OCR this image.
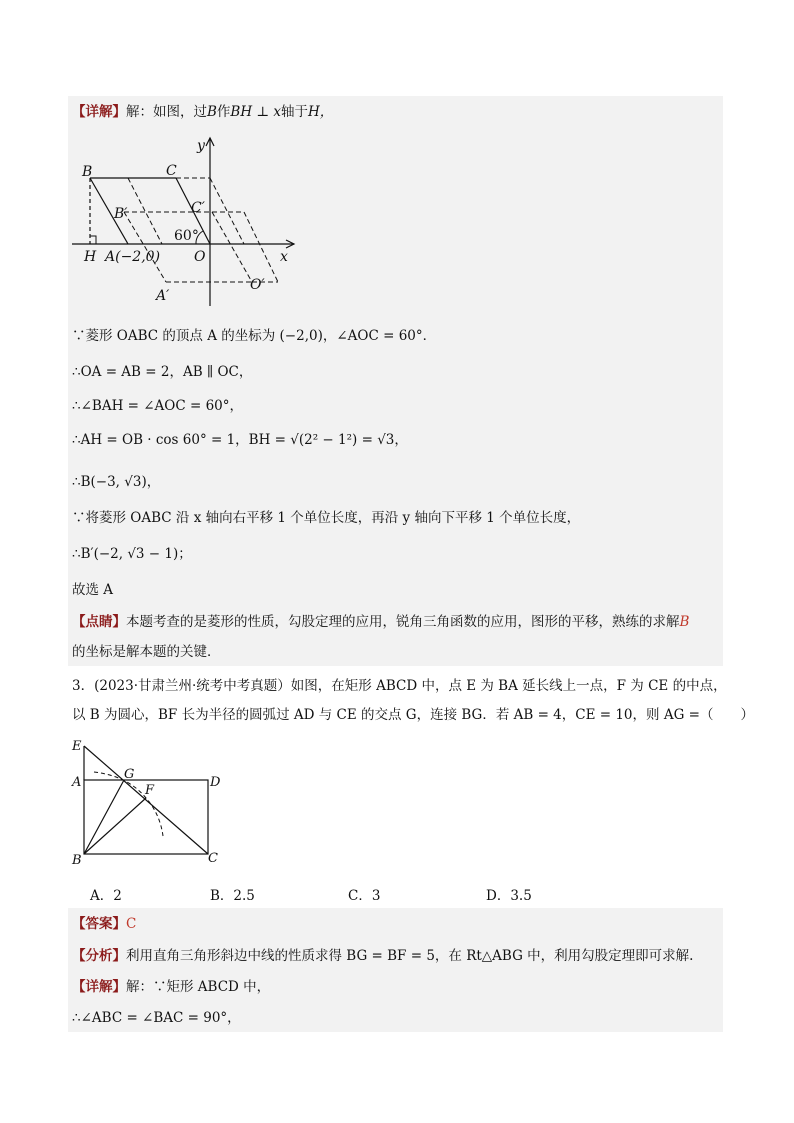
【详解】解：如图，过B作BH ⊥ x轴于H，
B	C
y
B′	C′
60°
H A(−2,0) O	x
A′
O′
∵菱形 OABC 的顶点 A 的坐标为 (−2,0)，∠AOC = 60°．
∴OA = AB = 2，AB ∥ OC，
∴∠BAH = ∠AOC = 60°，
∴AH = OB · cos 60° = 1，BH = √(2² − 1²) = √3，
∴B(−3, √3)，
∵将菱形 OABC 沿 x 轴向右平移 1 个单位长度，再沿 y 轴向下平移 1 个单位长度，
∴B′(−2, √3 − 1)；
故选 A
【点睛】本题考查的是菱形的性质，勾股定理的应用，锐角三角函数的应用，图形的平移，熟练的求解B
的坐标是解本题的关键．
3．(2023·甘肃兰州·统考中考真题）如图，在矩形 ABCD 中，点 E 为 BA 延长线上一点，F 为 CE 的中点，
以 B 为圆心，BF 长为半径的圆弧过 AD 与 CE 的交点 G，连接 BG．若 AB = 4，CE = 10，则 AG =（　　）
E
A
G
D
F
B	C
A．2	B．2.5	C．3	D．3.5
【答案】C
【分析】利用直角三角形斜边中线的性质求得 BG = BF = 5，在 Rt△ABG 中，利用勾股定理即可求解.
【详解】解：∵矩形 ABCD 中，
∴∠ABC = ∠BAC = 90°，
